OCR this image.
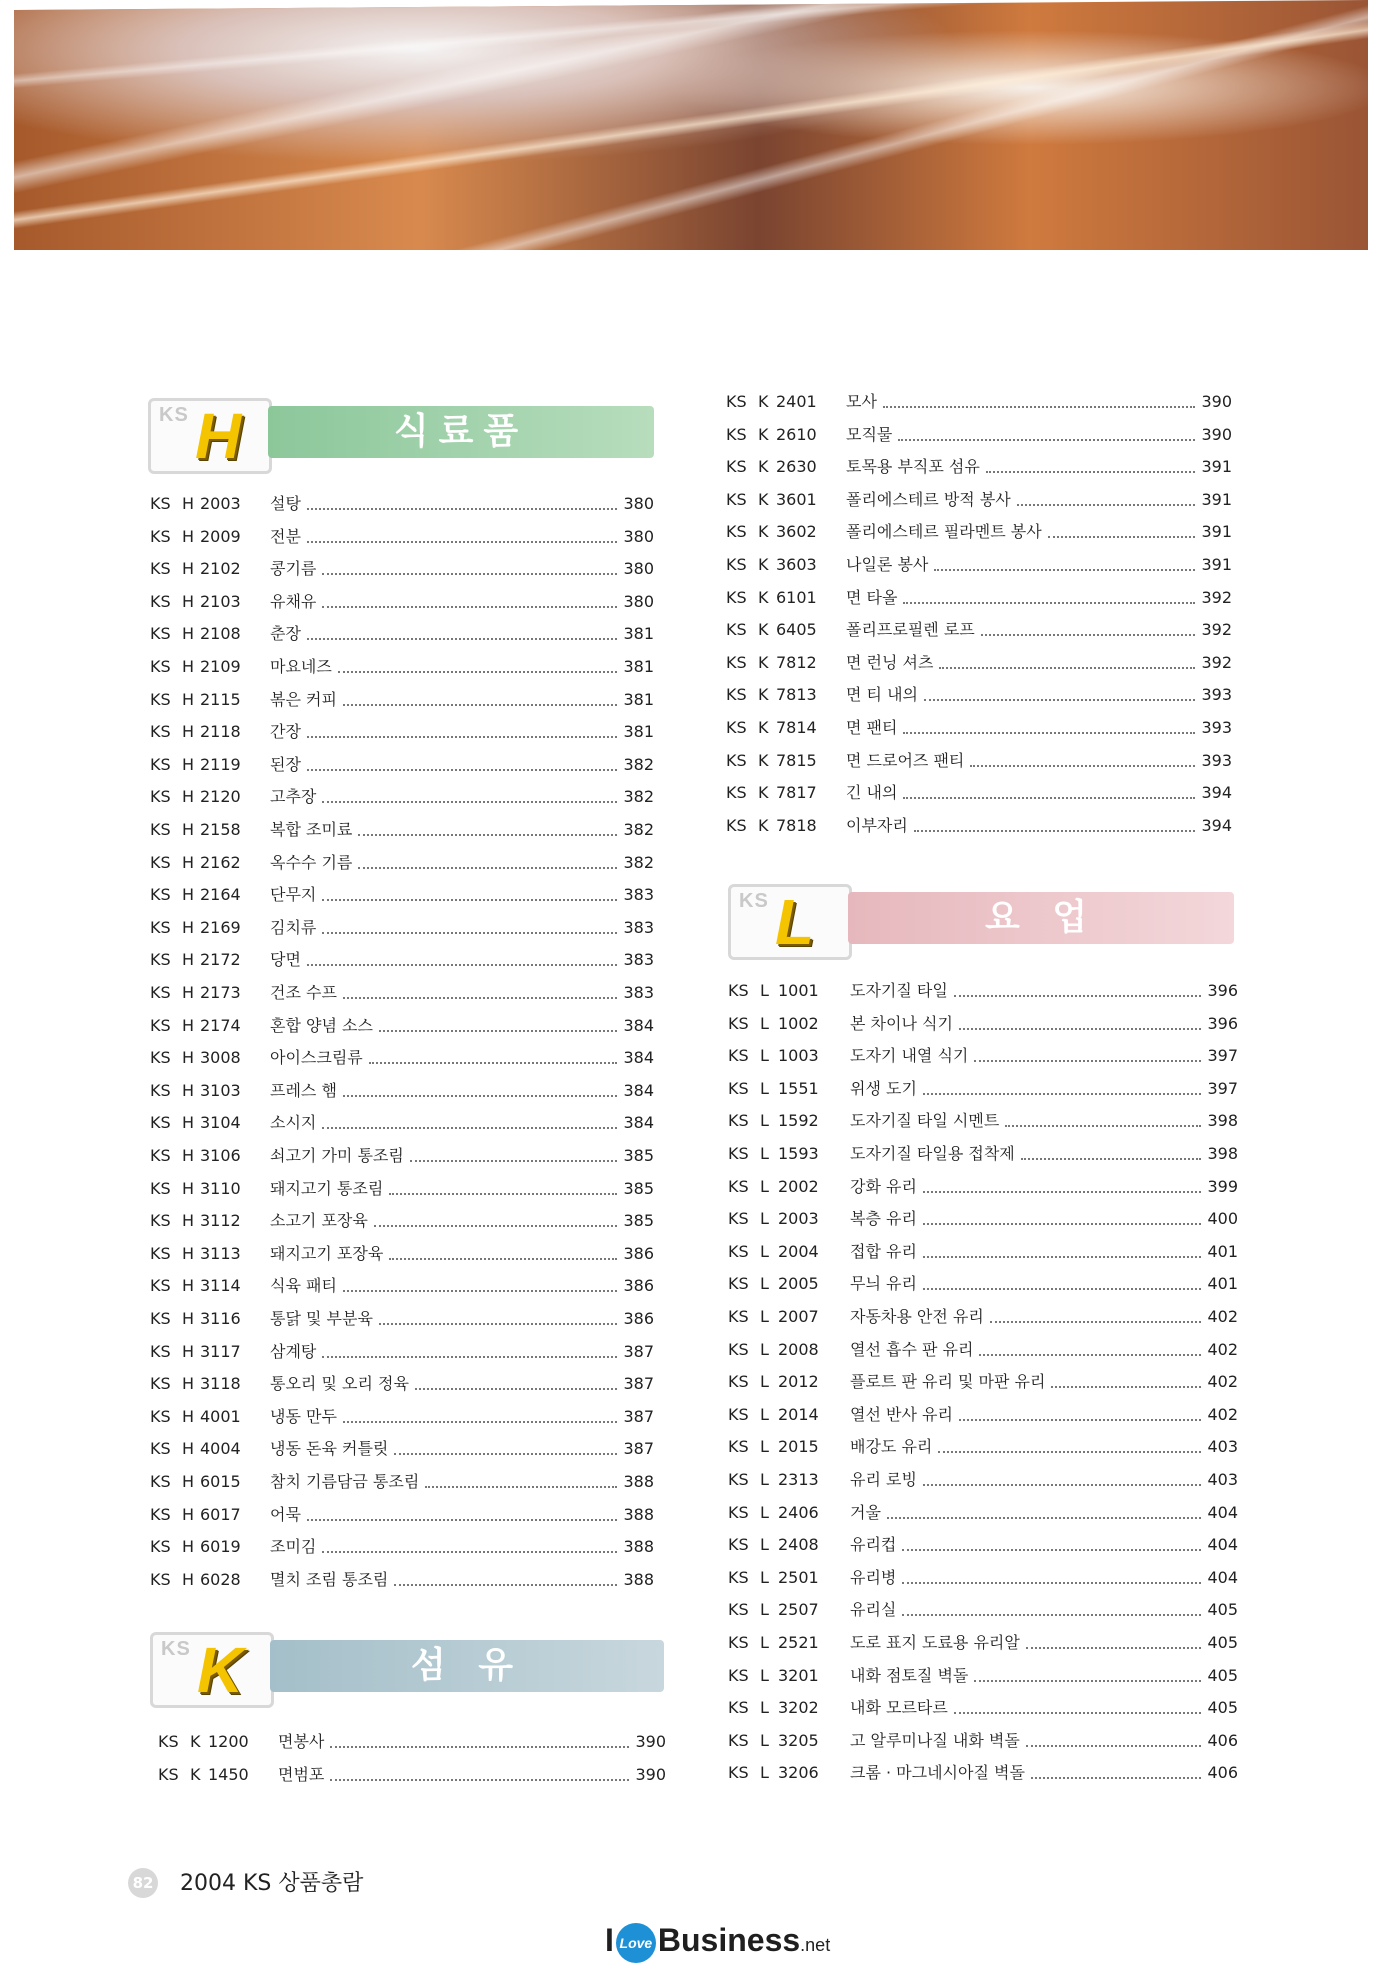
KS H	식료품
KS H 2003 설탕	380
KS H 2009 전분	380
KS H 2102 콩기름	380
KS H 2103 유채유	380
KS H 2108 춘장	381
KS H 2109 마요네즈	381
KS H 2115 볶은 커피	381
KS H 2118 간장	381
KS H 2119 된장	382
KS H 2120 고추장	382
KS H 2158 복합 조미료	382
KS H 2162 옥수수 기름	382
KS H 2164 단무지	383
KS H 2169 김치류	383
KS H 2172 당면	383
KS H 2173 건조 수프	383
KS H 2174 혼합 양념 소스	384
KS H 3008 아이스크림류	384
KS H 3103 프레스 햄	384
KS H 3104 소시지	384
KS H 3106 쇠고기 가미 통조림	385
KS H 3110 돼지고기 통조림	385
KS H 3112 소고기 포장육	385
KS H 3113 돼지고기 포장육	386
KS H 3114 식육 패티	386
KS H 3116 통닭 및 부분육	386
KS H 3117 삼계탕	387
KS H 3118 통오리 및 오리 정육	387
KS H 4001 냉동 만두	387
KS H 4004 냉동 돈육 커틀릿	387
KS H 6015 참치 기름담금 통조림	388
KS H 6017 어묵	388
KS H 6019 조미김	388
KS H 6028 멸치 조림 통조림	388
KS K	섬 유
KS K 1200 면봉사	390
KS K 1450 면범포	390
KS K 2401 모사	390
KS K 2610 모직물	390
KS K 2630 토목용 부직포 섬유	391
KS K 3601 폴리에스테르 방적 봉사	391
KS K 3602 폴리에스테르 필라멘트 봉사	391
KS K 3603 나일론 봉사	391
KS K 6101 면 타올	392
KS K 6405 폴리프로필렌 로프	392
KS K 7812 면 런닝 셔츠	392
KS K 7813 면 티 내의	393
KS K 7814 면 팬티	393
KS K 7815 면 드로어즈 팬티	393
KS K 7817 긴 내의	394
KS K 7818 이부자리	394
KS L	요 업
KS L 1001 도자기질 타일	396
KS L 1002 본 차이나 식기	396
KS L 1003 도자기 내열 식기	397
KS L 1551 위생 도기	397
KS L 1592 도자기질 타일 시멘트	398
KS L 1593 도자기질 타일용 접착제	398
KS L 2002 강화 유리	399
KS L 2003 복층 유리	400
KS L 2004 접합 유리	401
KS L 2005 무늬 유리	401
KS L 2007 자동차용 안전 유리	402
KS L 2008 열선 흡수 판 유리	402
KS L 2012 플로트 판 유리 및 마판 유리	402
KS L 2014 열선 반사 유리	402
KS L 2015 배강도 유리	403
KS L 2313 유리 로빙	403
KS L 2406 거울	404
KS L 2408 유리컵	404
KS L 2501 유리병	404
KS L 2507 유리실	405
KS L 2521 도로 표지 도료용 유리알	405
KS L 3201 내화 점토질 벽돌	405
KS L 3202 내화 모르타르	405
KS L 3205 고 알루미나질 내화 벽돌	406
KS L 3206 크롬 · 마그네시아질 벽돌	406
82 2004 KS 상품총람
I Love Business.net
